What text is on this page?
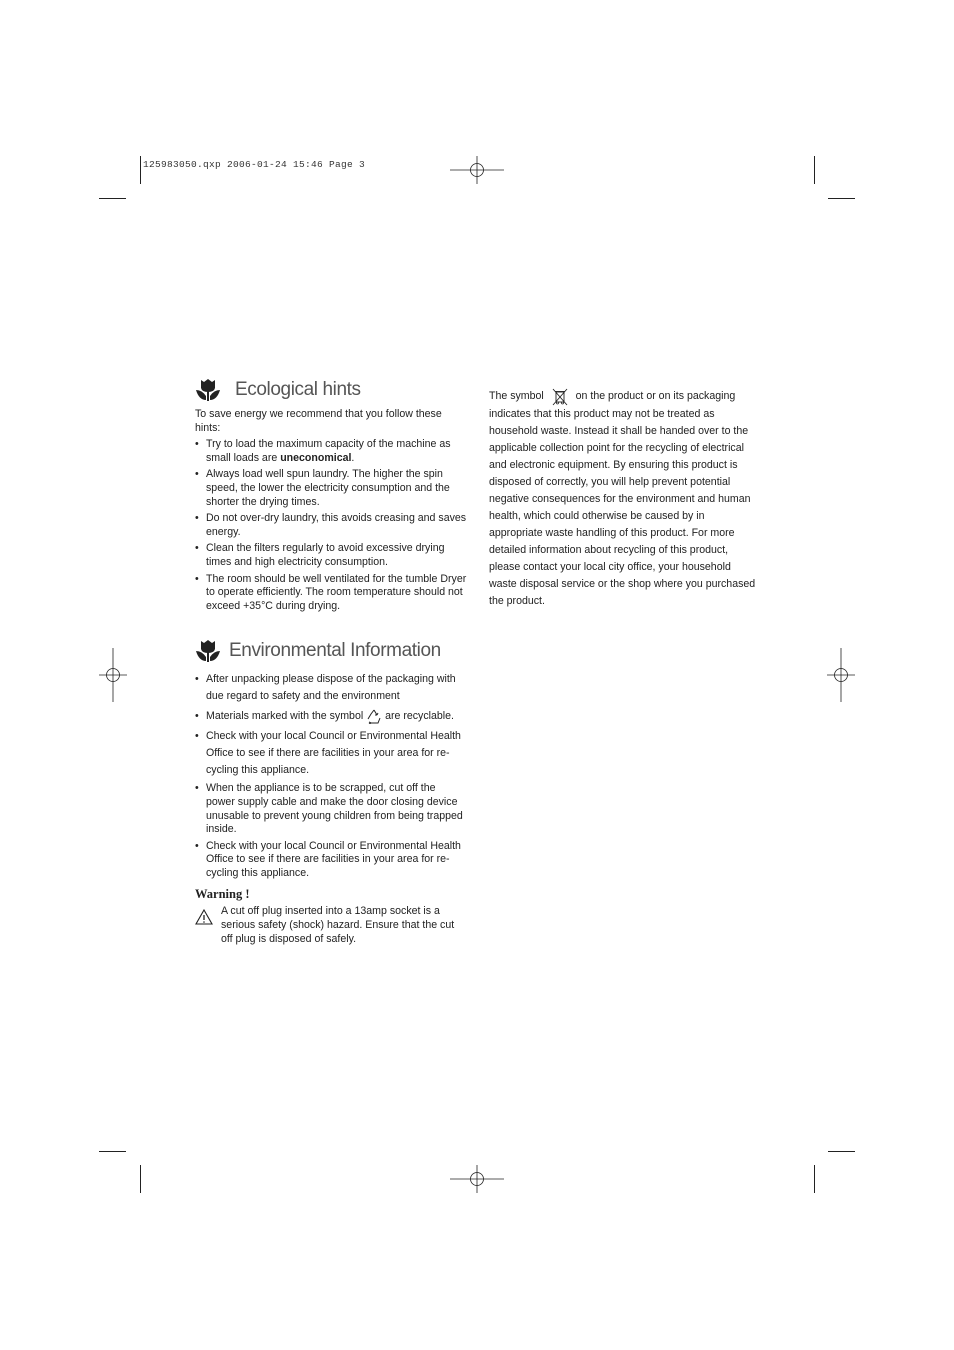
125983050.qxp 2006-01-24 15:46 Page 3
Ecological hints

To save energy we recommend that you follow these hints:

• Try to load the maximum capacity of the machine as small loads are uneconomical.
• Always load well spun laundry. The higher the spin speed, the lower the electricity consumption and the shorter the drying times.
• Do not over-dry laundry, this avoids creasing and saves energy.
• Clean the filters regularly to avoid excessive drying times and high electricity consumption.
• The room should be well ventilated for the tumble Dryer to operate efficiently. The room temperature should not exceed +35°C during drying.
Environmental Information
• After unpacking please dispose of the packaging with due regard to safety and the environment
• Materials marked with the symbol  are recyclable.
• Check with your local Council or Environmental Health Office to see if there are facilities in your area for re-cycling this appliance.
• When the appliance is to be scrapped, cut off the power supply cable and make the door closing device unusable to prevent young children from being trapped inside.
• Check with your local Council or Environmental Health Office to see if there are facilities in your area for re-cycling this appliance.
Warning !

A cut off plug inserted into a 13amp socket is a serious safety (shock) hazard. Ensure that the cut off plug is disposed of safely.

The symbol  on the product or on its packaging indicates that this product may not be treated as household waste. Instead it shall be handed over to the applicable collection point for the recycling of electrical and electronic equipment. By ensuring this product is disposed of correctly, you will help prevent potential negative consequences for the environment and human health, which could otherwise be caused by in appropriate waste handling of this product. For more detailed information about recycling of this product, please contact your local city office, your household waste disposal service or the shop where you purchased the product.
